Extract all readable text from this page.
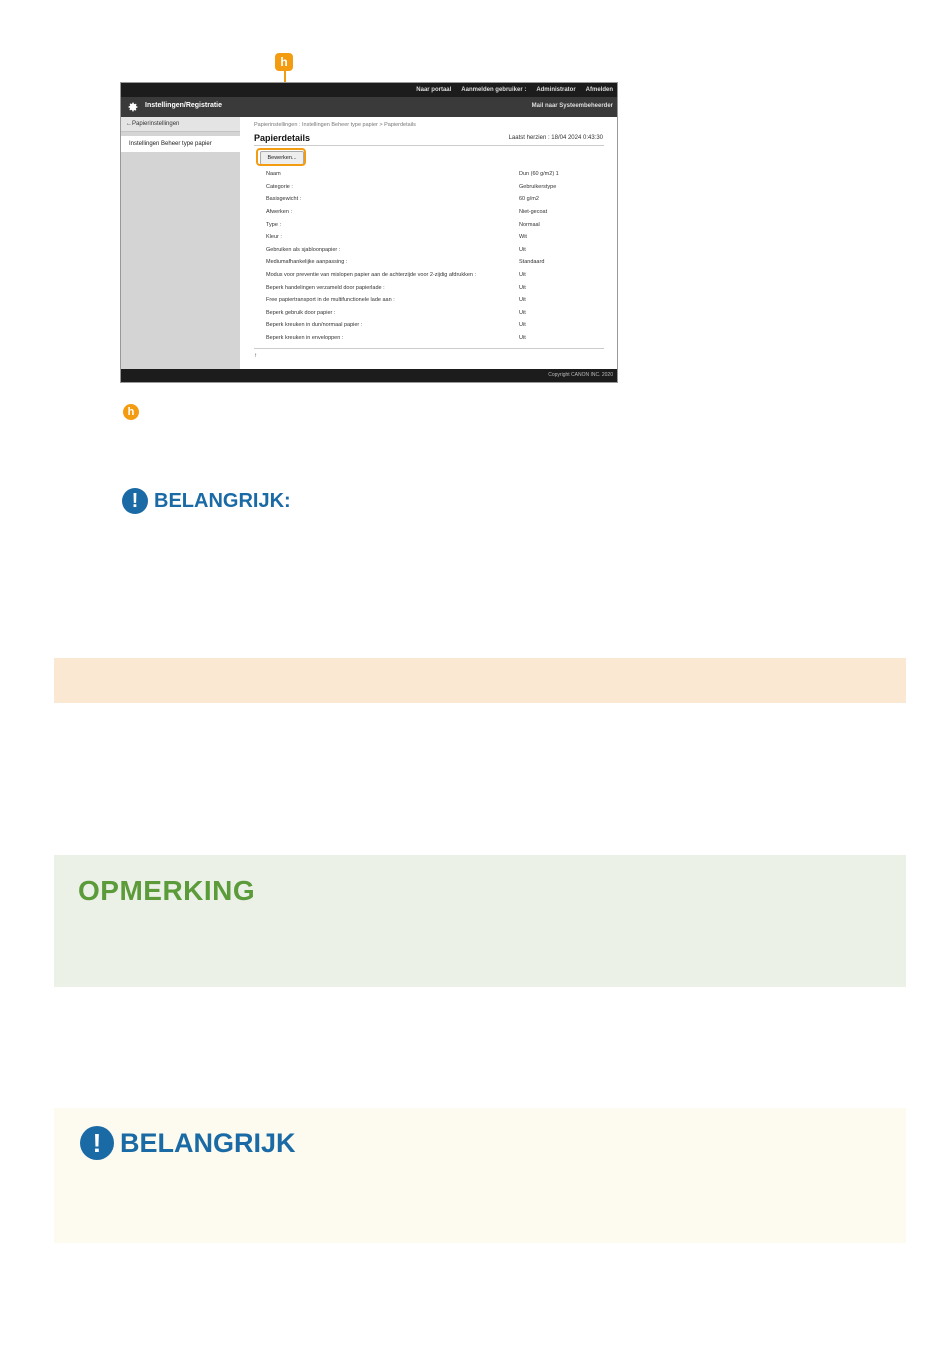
h
Naar portaal Aanmelden gebruiker : Administrator Afmelden
Instellingen/Registratie	Mail naar Systeembeheerder
←Papierinstellingen
Instellingen Beheer type papier
Papierinstellingen : Instellingen Beheer type papier > Papierdetails
Papierdetails	Laatst herzien : 18/04 2024 0:43:30
Bewerken...
Naam	Dun (60 g/m2) 1
Categorie :	Gebruikerstype
Basisgewicht :	60 g/m2
Afwerken :	Niet-gecoat
Type :	Normaal
Kleur :	Wit
Gebruiken als sjabloonpapier :	Uit
Mediumafhankelijke aanpassing :	Standaard
Modus voor preventie van mislopen papier aan de achterzijde voor 2-zijdig afdrukken :	Uit
Beperk handelingen verzameld door papierlade :	Uit
Free papiertransport in de multifunctionele lade aan :	Uit
Beperk gebruik door papier :	Uit
Beperk kreuken in dun/normaal papier :	Uit
Beperk kreuken in enveloppen :	Uit
↑
Copyright CANON INC. 2020
h
! BELANGRIJK:
OPMERKING
! BELANGRIJK
